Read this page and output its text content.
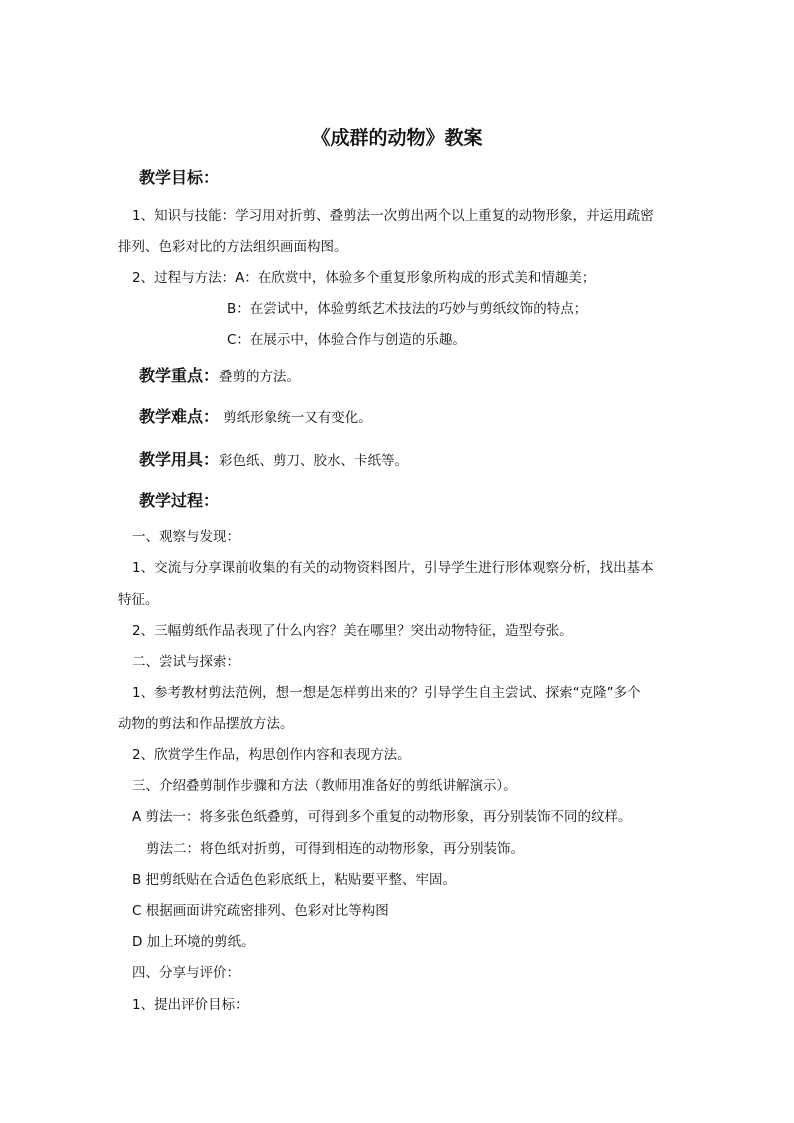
《成群的动物》教案
教学目标：
1、知识与技能：学习用对折剪、叠剪法一次剪出两个以上重复的动物形象，并运用疏密
排列、色彩对比的方法组织画面构图。
2、过程与方法：A：在欣赏中，体验多个重复形象所构成的形式美和情趣美；
B：在尝试中，体验剪纸艺术技法的巧妙与剪纸纹饰的特点；
C：在展示中，体验合作与创造的乐趣。
教学重点：叠剪的方法。
教学难点： 剪纸形象统一又有变化。
教学用具：彩色纸、剪刀、胶水、卡纸等。
教学过程：
一、观察与发现：
1、交流与分享课前收集的有关的动物资料图片，引导学生进行形体观察分析，找出基本
特征。
2、三幅剪纸作品表现了什么内容？美在哪里？突出动物特征，造型夸张。
二、尝试与探索：
1、参考教材剪法范例，想一想是怎样剪出来的？引导学生自主尝试、探索“克隆”多个
动物的剪法和作品摆放方法。
2、欣赏学生作品，构思创作内容和表现方法。
三、介绍叠剪制作步骤和方法（教师用准备好的剪纸讲解演示）。
A 剪法一：将多张色纸叠剪，可得到多个重复的动物形象，再分别装饰不同的纹样。
剪法二：将色纸对折剪，可得到相连的动物形象，再分别装饰。
B 把剪纸贴在合适色色彩底纸上，粘贴要平整、牢固。
C 根据画面讲究疏密排列、色彩对比等构图
D 加上环境的剪纸。
四、分享与评价：
1、提出评价目标：
